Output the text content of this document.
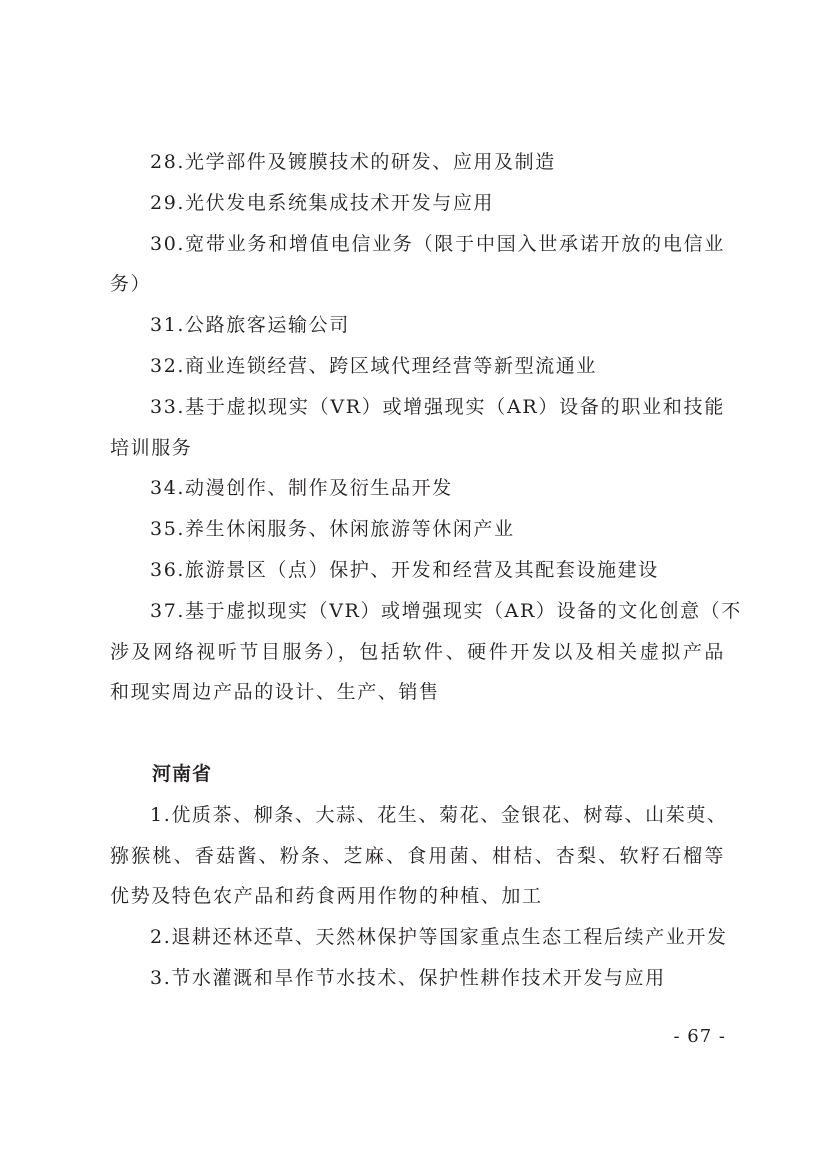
28.光学部件及镀膜技术的研发、应用及制造
29.光伏发电系统集成技术开发与应用
30.宽带业务和增值电信业务（限于中国入世承诺开放的电信业
务）
31.公路旅客运输公司
32.商业连锁经营、跨区域代理经营等新型流通业
33.基于虚拟现实（VR）或增强现实（AR）设备的职业和技能
培训服务
34.动漫创作、制作及衍生品开发
35.养生休闲服务、休闲旅游等休闲产业
36.旅游景区（点）保护、开发和经营及其配套设施建设
37.基于虚拟现实（VR）或增强现实（AR）设备的文化创意（不
涉及网络视听节目服务），包括软件、硬件开发以及相关虚拟产品
和现实周边产品的设计、生产、销售
河南省
1.优质茶、柳条、大蒜、花生、菊花、金银花、树莓、山茱萸、
猕猴桃、香菇酱、粉条、芝麻、食用菌、柑桔、杏梨、软籽石榴等
优势及特色农产品和药食两用作物的种植、加工
2.退耕还林还草、天然林保护等国家重点生态工程后续产业开发
3.节水灌溉和旱作节水技术、保护性耕作技术开发与应用
- 67 -
